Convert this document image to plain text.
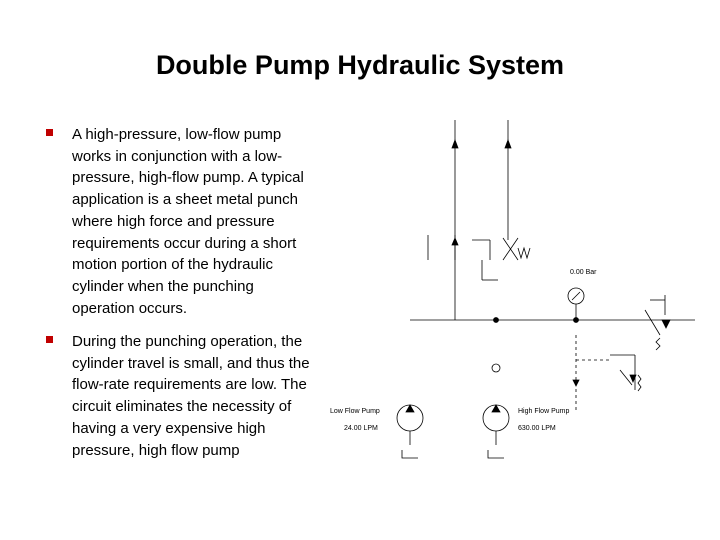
Double Pump Hydraulic System
A high-pressure, low-flow pump works in conjunction with a low-pressure, high-flow pump. A typical application is a sheet metal punch where high force and pressure requirements occur during a short motion portion of the hydraulic cylinder when the punching operation occurs.
During the punching operation, the cylinder travel is small, and thus the flow-rate requirements are low. The circuit eliminates the necessity of having a very expensive high pressure, high flow pump
0.00 Bar
Low Flow Pump
24.00 LPM
High Flow Pump
630.00 LPM
